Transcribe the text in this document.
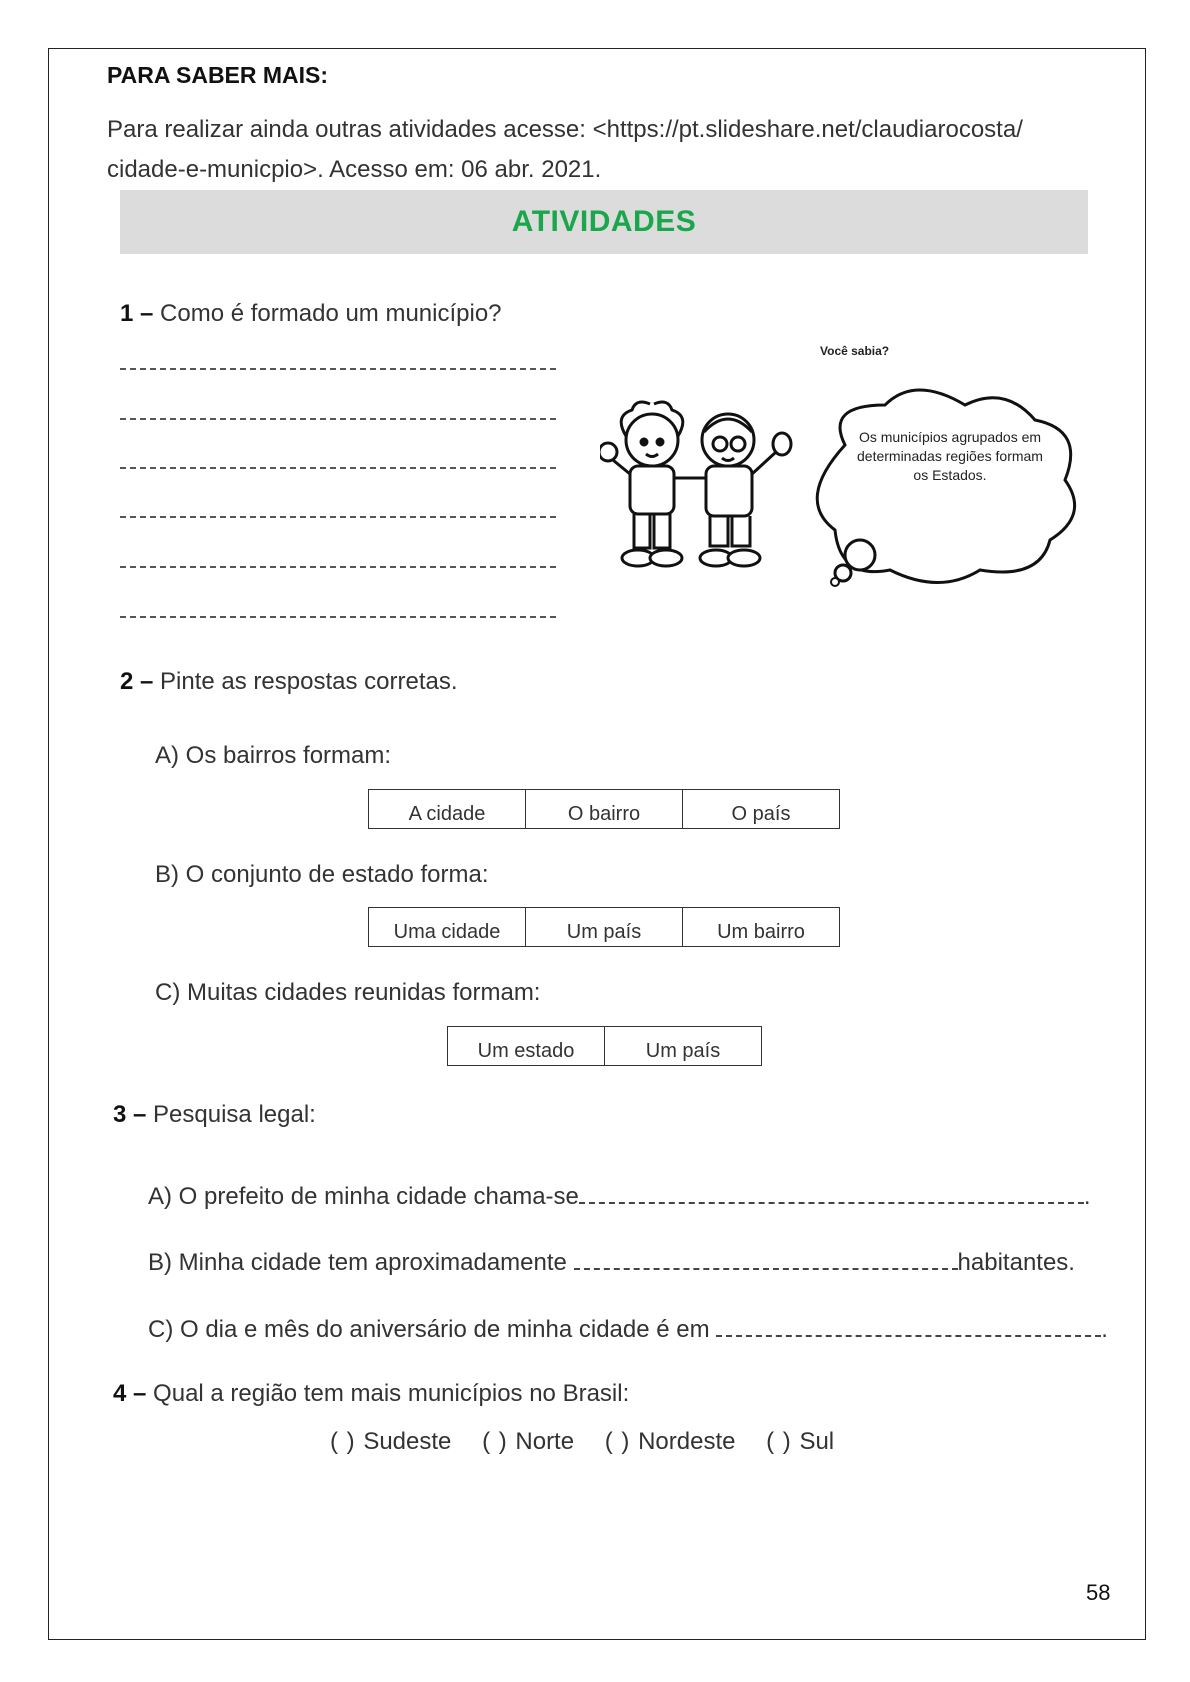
PARA SABER MAIS:
Para realizar ainda outras atividades acesse: <https://pt.slideshare.net/claudiarocosta/
cidade-e-municpio>. Acesso em: 06 abr. 2021.
ATIVIDADES
1 – Como é formado um município?
Você sabia?
Os municípios agrupados em determinadas regiões formam os Estados.
2 – Pinte as respostas corretas.
A) Os bairros formam:
A cidade	O bairro	O país
B) O conjunto de estado forma:
Uma cidade	Um país	Um bairro
C) Muitas cidades reunidas formam:
Um estado	Um país
3 – Pesquisa legal:
A) O prefeito de minha cidade chama-se	.
B) Minha cidade tem aproximadamente	habitantes.
C) O dia e mês do aniversário de minha cidade é em	.
4 – Qual a região tem mais municípios no Brasil:
( ) Sudeste ( ) Norte ( ) Nordeste ( ) Sul
58
